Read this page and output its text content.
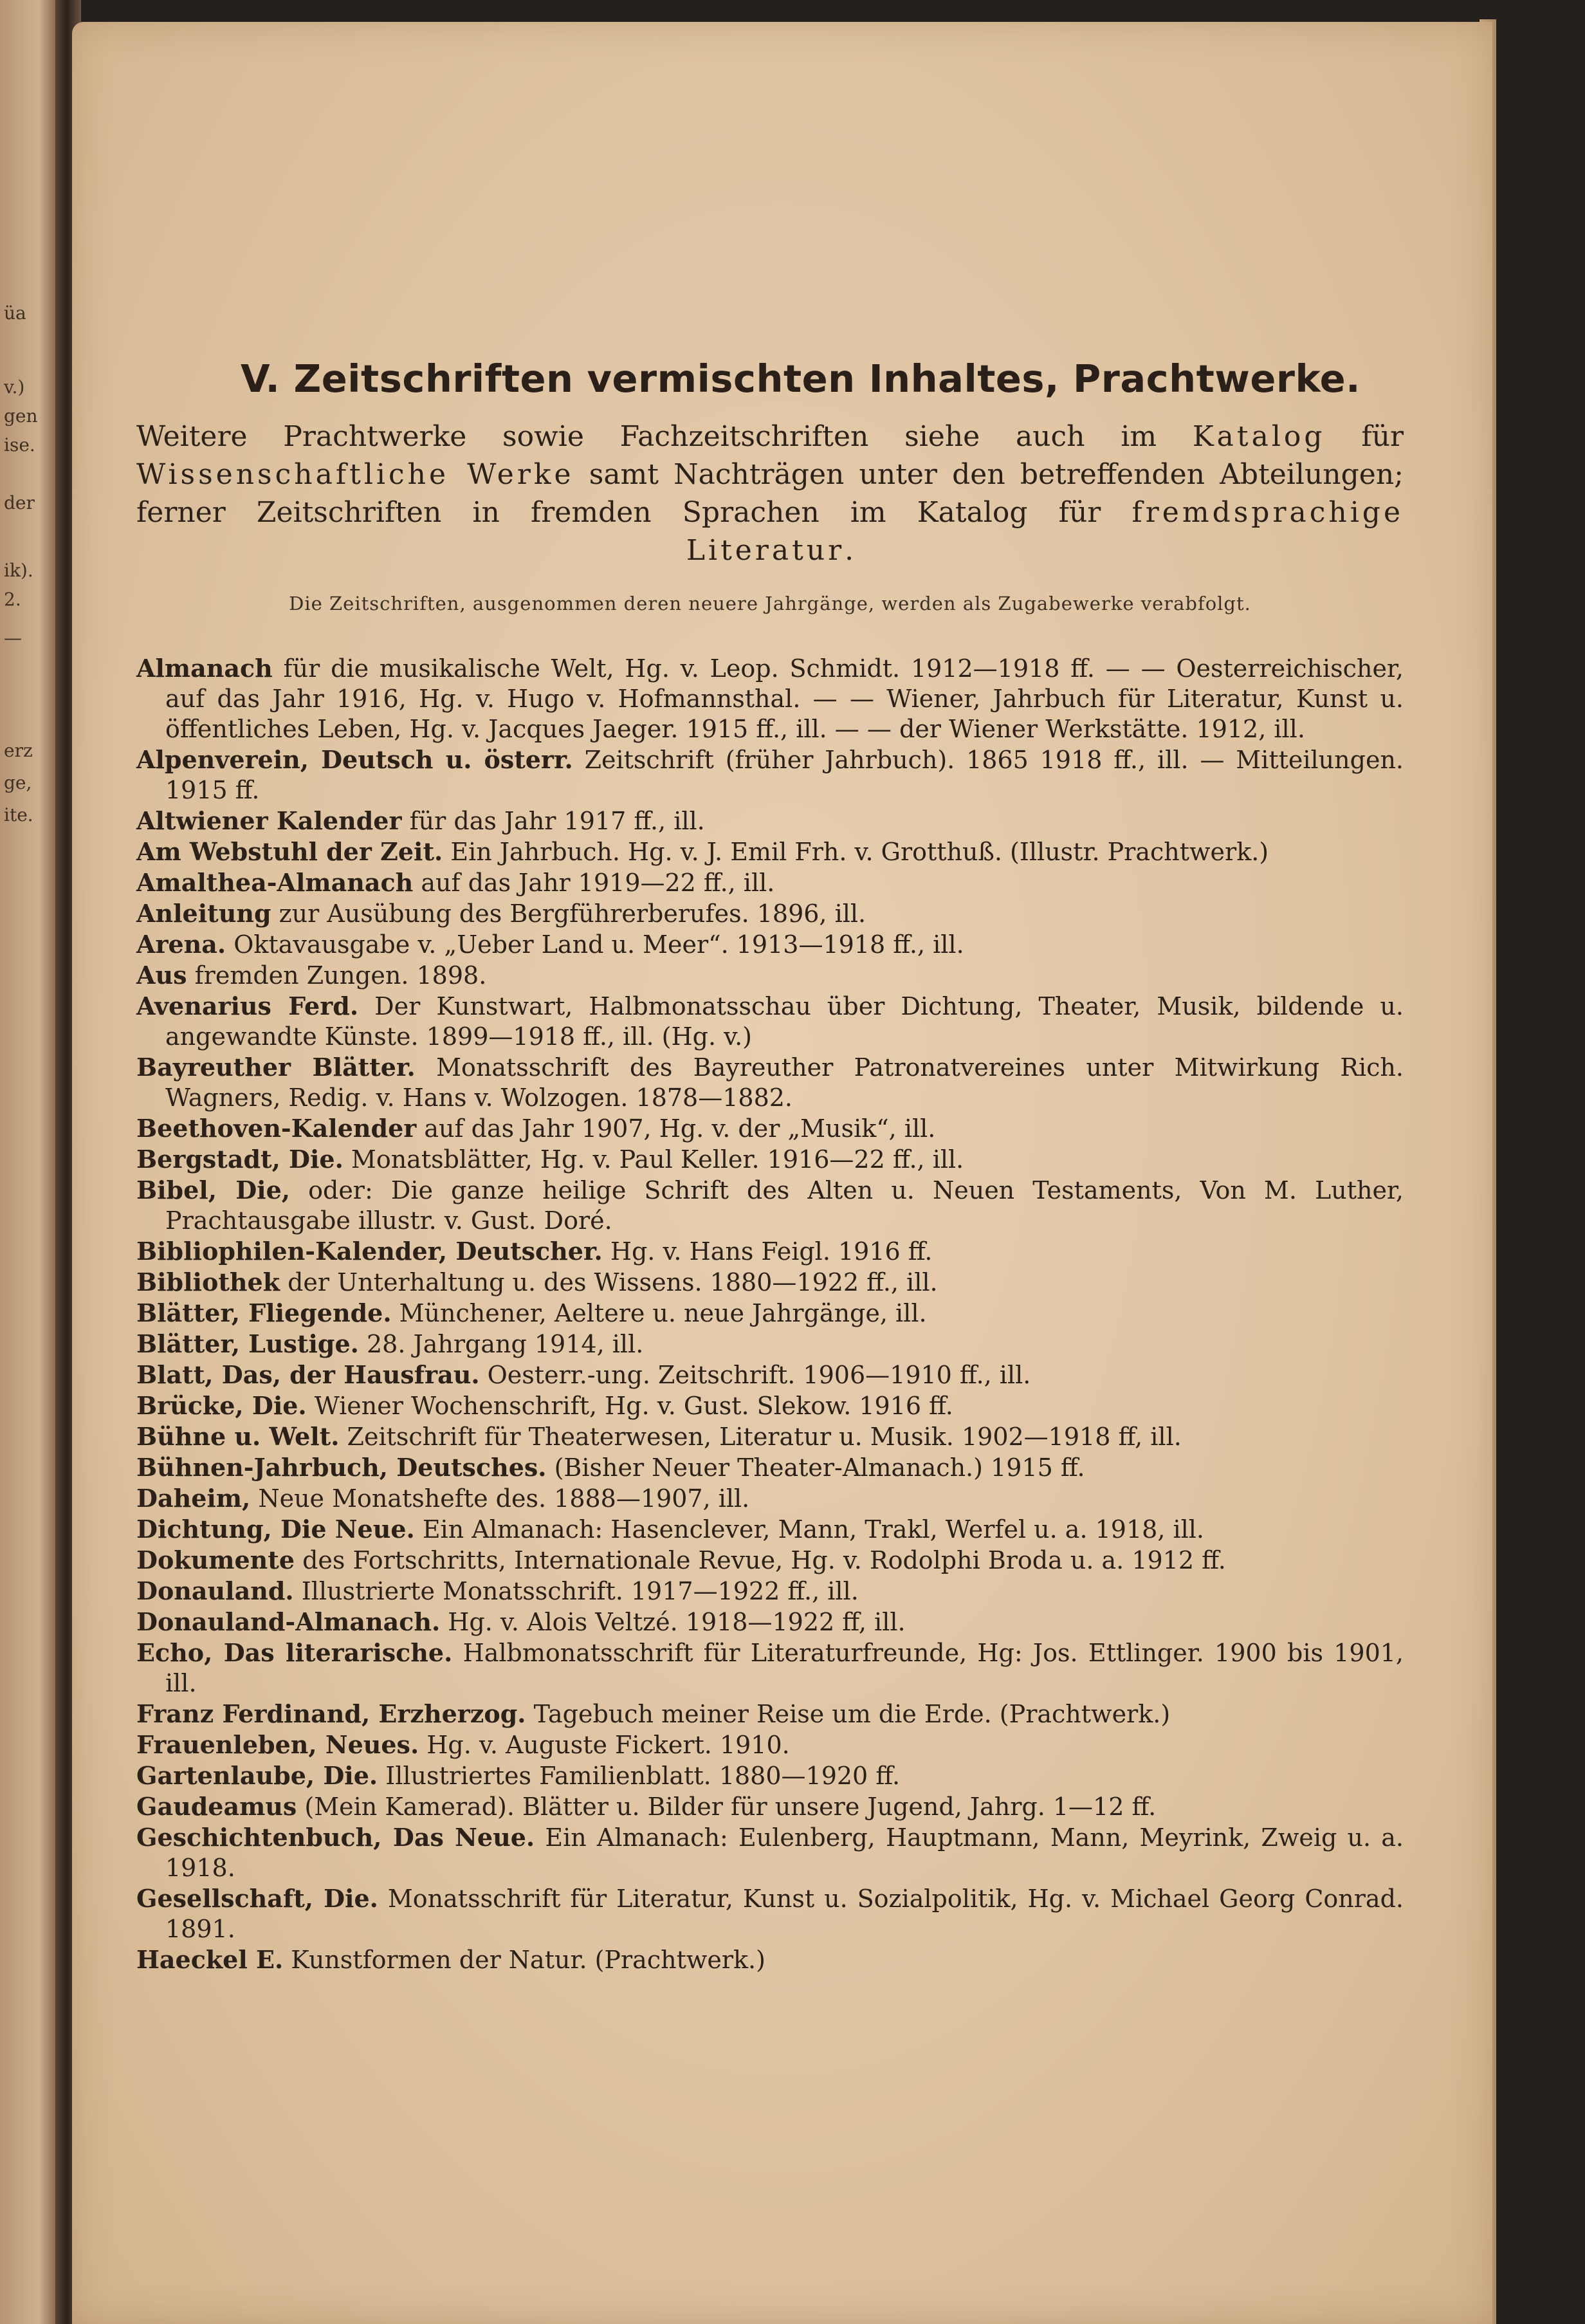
üa
v.)
gen
ise.
der
ik).
2.
—
erz
ge,
ite.
V. Zeitschriften vermischten Inhaltes, Prachtwerke.

Weitere Prachtwerke sowie Fachzeitschriften siehe auch im Katalog für Wissenschaftliche Werke samt Nachträgen unter den betreffenden Abteilungen; ferner Zeitschriften in fremden Sprachen im Katalog für fremdsprachige Literatur.

Die Zeitschriften, ausgenommen deren neuere Jahrgänge, werden als Zugabewerke verabfolgt.

Almanach für die musikalische Welt, Hg. v. Leop. Schmidt. 1912—1918 ff. — — Oesterreichischer, auf das Jahr 1916, Hg. v. Hugo v. Hofmannsthal. — — Wiener, Jahrbuch für Literatur, Kunst u. öffentliches Leben, Hg. v. Jacques Jaeger. 1915 ff., ill. — — der Wiener Werkstätte. 1912, ill.
Alpenverein, Deutsch u. österr. Zeitschrift (früher Jahrbuch). 1865 1918 ff., ill. — Mitteilungen. 1915 ff.
Altwiener Kalender für das Jahr 1917 ff., ill.
Am Webstuhl der Zeit. Ein Jahrbuch. Hg. v. J. Emil Frh. v. Grotthuß. (Illustr. Prachtwerk.)
Amalthea-Almanach auf das Jahr 1919—22 ff., ill.
Anleitung zur Ausübung des Bergführerberufes. 1896, ill.
Arena. Oktavausgabe v. „Ueber Land u. Meer“. 1913—1918 ff., ill.
Aus fremden Zungen. 1898.
Avenarius Ferd. Der Kunstwart, Halbmonatsschau über Dichtung, Theater, Musik, bildende u. angewandte Künste. 1899—1918 ff., ill. (Hg. v.)
Bayreuther Blätter. Monatsschrift des Bayreuther Patronatvereines unter Mitwirkung Rich. Wagners, Redig. v. Hans v. Wolzogen. 1878—1882.
Beethoven-Kalender auf das Jahr 1907, Hg. v. der „Musik“, ill.
Bergstadt, Die. Monatsblätter, Hg. v. Paul Keller. 1916—22 ff., ill.
Bibel, Die, oder: Die ganze heilige Schrift des Alten u. Neuen Testaments, Von M. Luther, Prachtausgabe illustr. v. Gust. Doré.
Bibliophilen-Kalender, Deutscher. Hg. v. Hans Feigl. 1916 ff.
Bibliothek der Unterhaltung u. des Wissens. 1880—1922 ff., ill.
Blätter, Fliegende. Münchener, Aeltere u. neue Jahrgänge, ill.
Blätter, Lustige. 28. Jahrgang 1914, ill.
Blatt, Das, der Hausfrau. Oesterr.-ung. Zeitschrift. 1906—1910 ff., ill.
Brücke, Die. Wiener Wochenschrift, Hg. v. Gust. Slekow. 1916 ff.
Bühne u. Welt. Zeitschrift für Theaterwesen, Literatur u. Musik. 1902—1918 ff, ill.
Bühnen-Jahrbuch, Deutsches. (Bisher Neuer Theater-Almanach.) 1915 ff.
Daheim, Neue Monatshefte des. 1888—1907, ill.
Dichtung, Die Neue. Ein Almanach: Hasenclever, Mann, Trakl, Werfel u. a. 1918, ill.
Dokumente des Fortschritts, Internationale Revue, Hg. v. Rodolphi Broda u. a. 1912 ff.
Donauland. Illustrierte Monatsschrift. 1917—1922 ff., ill.
Donauland-Almanach. Hg. v. Alois Veltzé. 1918—1922 ff, ill.
Echo, Das literarische. Halbmonatsschrift für Literaturfreunde, Hg: Jos. Ettlinger. 1900 bis 1901, ill.
Franz Ferdinand, Erzherzog. Tagebuch meiner Reise um die Erde. (Prachtwerk.)
Frauenleben, Neues. Hg. v. Auguste Fickert. 1910.
Gartenlaube, Die. Illustriertes Familienblatt. 1880—1920 ff.
Gaudeamus (Mein Kamerad). Blätter u. Bilder für unsere Jugend, Jahrg. 1—12 ff.
Geschichtenbuch, Das Neue. Ein Almanach: Eulenberg, Hauptmann, Mann, Meyrink, Zweig u. a. 1918.
Gesellschaft, Die. Monatsschrift für Literatur, Kunst u. Sozialpolitik, Hg. v. Michael Georg Conrad. 1891.
Haeckel E. Kunstformen der Natur. (Prachtwerk.)
